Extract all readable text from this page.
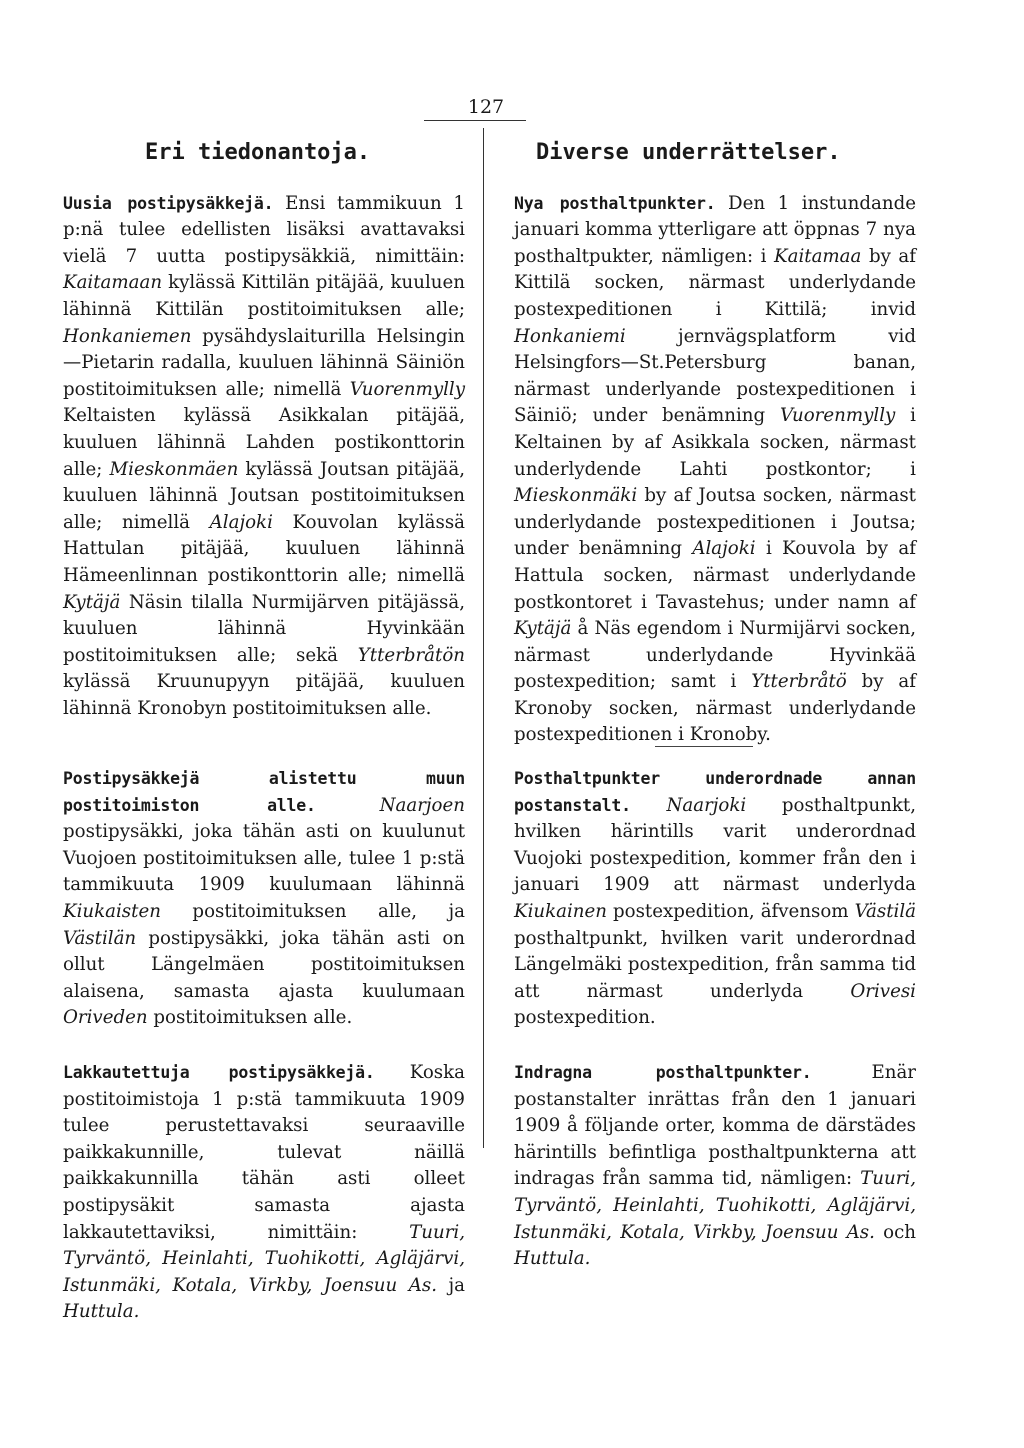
127
Eri tiedonantoja.

Uusia postipysäkkejä. Ensi tammikuun 1 p:nä tulee edellisten lisäksi avattavaksi vielä 7 uutta postipysäkkiä, nimittäin: Kaitamaan kylässä Kittilän pitäjää, kuuluen lähinnä Kittilän postitoimituksen alle; Honkaniemen pysähdyslaiturilla Helsingin—Pietarin radalla, kuuluen lähinnä Säiniön postitoimituksen alle; nimellä Vuorenmylly Keltaisten kylässä Asikkalan pitäjää, kuuluen lähinnä Lahden postikonttorin alle; Mieskonmäen kylässä Joutsan pitäjää, kuuluen lähinnä Joutsan postitoimituksen alle; nimellä Alajoki Kouvolan kylässä Hattulan pitäjää, kuuluen lähinnä Hämeenlinnan postikonttorin alle; nimellä Kytäjä Näsin tilalla Nurmijärven pitäjässä, kuuluen lähinnä Hyvinkään postitoimituksen alle; sekä Ytterbråtön kylässä Kruunupyyn pitäjää, kuuluen lähinnä Kronobyn postitoimituksen alle.

Postipysäkkejä alistettu muun postitoimiston alle.	Naarjoen postipysäkki, joka tähän asti on kuulunut Vuojoen postitoimituksen alle, tulee 1 p:stä tammikuuta 1909 kuulumaan lähinnä Kiukaisten postitoimituksen alle, ja Västilän postipysäkki, joka tähän asti on ollut Längelmäen postitoimituksen alaisena, samasta ajasta kuulumaan Oriveden postitoimituksen alle.

Lakkautettuja postipysäkkejä. Koska postitoimistoja 1 p:stä tammikuuta 1909 tulee perustettavaksi seuraaville paikkakunnille, tulevat näillä paikkakunnilla tähän asti olleet postipysäkit samasta ajasta lakkautettaviksi, nimittäin: Tuuri, Tyrväntö, Heinlahti, Tuohikotti, Agläjärvi, Istunmäki, Kotala, Virkby, Joensuu As. ja Huttula.

Diverse underrättelser.

Nya posthaltpunkter. Den 1 instundande januari komma ytterligare att öppnas 7 nya posthaltpukter, nämligen: i Kaitamaa by af Kittilä socken, närmast underlydande postexpeditionen i Kittilä; invid Honkaniemi jernvägsplatform vid Helsingfors—St.Petersburg banan, närmast underlyande postexpeditionen i Säiniö; under benämning Vuorenmylly i Keltainen by af Asikkala socken, närmast underlydende Lahti postkontor; i Mieskonmäki by af Joutsa socken, närmast underlydande postexpeditionen i Joutsa; under benämning Alajoki i Kouvola by af Hattula socken, närmast underlydande postkontoret i Tavastehus; under namn af Kytäjä å Näs egendom i Nurmijärvi socken, närmast underlydande Hyvinkää postexpedition; samt i Ytterbråtö by af Kronoby socken, närmast underlydande postexpeditionen i Kronoby.

Posthaltpunkter underordnade annan postanstalt. Naarjoki posthaltpunkt, hvilken härintills varit underordnad Vuojoki postexpedition, kommer från den i januari 1909 att närmast underlyda Kiukainen postexpedition, äfvensom Västilä posthaltpunkt, hvilken varit underordnad Längelmäki postexpedition, från samma tid att närmast underlyda Orivesi postexpedition.

Indragna posthaltpunkter. Enär postanstalter inrättas från den 1 januari 1909 å följande orter, komma de därstädes härintills befintliga posthaltpunkterna att indragas från samma tid, nämligen: Tuuri, Tyrväntö, Heinlahti, Tuohikotti, Agläjärvi, Istunmäki, Kotala, Virkby, Joensuu As. och Huttula.
